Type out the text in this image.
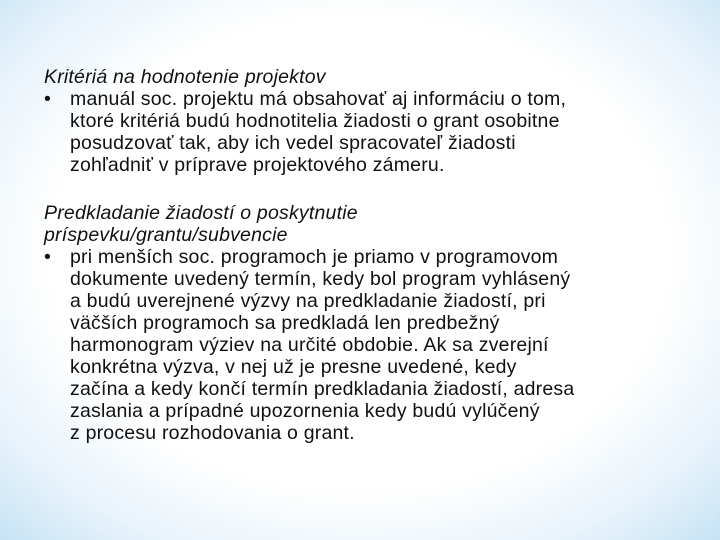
Kritériá na hodnotenie projektov

• manuál soc. projektu má obsahovať aj informáciu o tom,
ktoré kritériá budú hodnotitelia žiadosti o grant osobitne
posudzovať tak, aby ich vedel spracovateľ žiadosti
zohľadniť v príprave projektového zámeru.

Predkladanie žiadostí o poskytnutie
príspevku/grantu/subvencie

• pri menších soc. programoch je priamo v programovom
dokumente uvedený termín, kedy bol program vyhlásený
a budú uverejnené výzvy na predkladanie žiadostí, pri
väčších programoch sa predkladá len predbežný
harmonogram výziev na určité obdobie. Ak sa zverejní
konkrétna výzva, v nej už je presne uvedené, kedy
začína a kedy končí termín predkladania žiadostí, adresa
zaslania a prípadné upozornenia kedy budú vylúčený
z procesu rozhodovania o grant.
